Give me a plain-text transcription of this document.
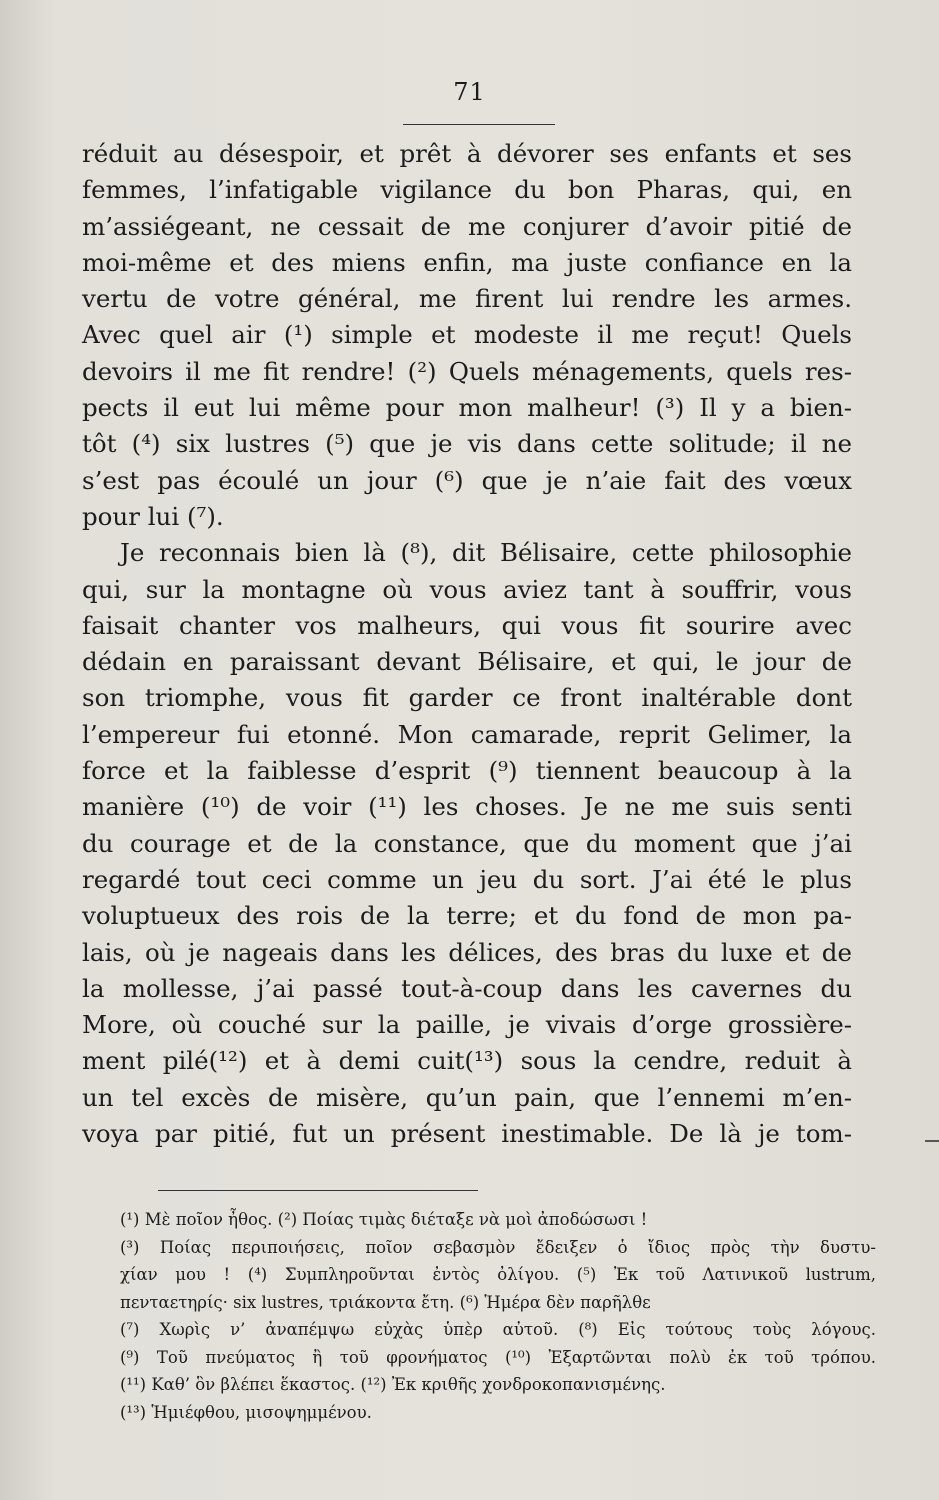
71
réduit au désespoir, et prêt à dévorer ses enfants et ses
femmes, l’infatigable vigilance du bon Pharas, qui, en
m’assiégeant, ne cessait de me conjurer d’avoir pitié de
moi-même et des miens enfin, ma juste confiance en la
vertu de votre général, me firent lui rendre les armes.
Avec quel air (¹) simple et modeste il me reçut! Quels
devoirs il me fit rendre! (²) Quels ménagements, quels res-
pects il eut lui même pour mon malheur! (³) Il y a bien-
tôt (⁴) six lustres (⁵) que je vis dans cette solitude; il ne
s’est pas écoulé un jour (⁶) que je n’aie fait des vœux
pour lui (⁷).
Je reconnais bien là (⁸), dit Bélisaire, cette philosophie
qui, sur la montagne où vous aviez tant à souffrir, vous
faisait chanter vos malheurs, qui vous fit sourire avec
dédain en paraissant devant Bélisaire, et qui, le jour de
son triomphe, vous fit garder ce front inaltérable dont
l’empereur fui etonné. Mon camarade, reprit Gelimer, la
force et la faiblesse d’esprit (⁹) tiennent beaucoup à la
manière (¹⁰) de voir (¹¹) les choses. Je ne me suis senti
du courage et de la constance, que du moment que j’ai
regardé tout ceci comme un jeu du sort. J’ai été le plus
voluptueux des rois de la terre; et du fond de mon pa-
lais, où je nageais dans les délices, des bras du luxe et de
la mollesse, j’ai passé tout-à-coup dans les cavernes du
More, où couché sur la paille, je vivais d’orge grossière-
ment pilé(¹²) et à demi cuit(¹³) sous la cendre, reduit à
un tel excès de misère, qu’un pain, que l’ennemi m’en-
voya par pitié, fut un présent inestimable. De là je tom-
(¹) Μὲ ποῖον ἦθος. (²) Ποίας τιμὰς διέταξε νὰ μοὶ ἀποδώσωσι !
(³) Ποίας περιποιήσεις, ποῖον σεβασμὸν ἔδειξεν ὁ ἴδιος πρὸς τὴν δυστυ-
χίαν μου ! (⁴) Συμπληροῦνται ἐντὸς ὀλίγου. (⁵) Ἐκ τοῦ Λατινικοῦ lustrum,
πενταετηρίς· six lustres, τριάκοντα ἔτη. (⁶) Ἡμέρα δὲν παρῆλθε
(⁷) Χωρὶς ν’ ἀναπέμψω εὐχὰς ὑπὲρ αὐτοῦ. (⁸) Εἰς τούτους τοὺς λόγους.
(⁹) Τοῦ πνεύματος ἢ τοῦ φρονήματος (¹⁰) Ἐξαρτῶνται πολὺ ἐκ τοῦ τρόπου.
(¹¹) Καθ’ ὃν βλέπει ἕκαστος. (¹²) Ἐκ κριθῆς χονδροκοπανισμένης.
(¹³) Ἡμιέφθου, μισοψημμένου.
